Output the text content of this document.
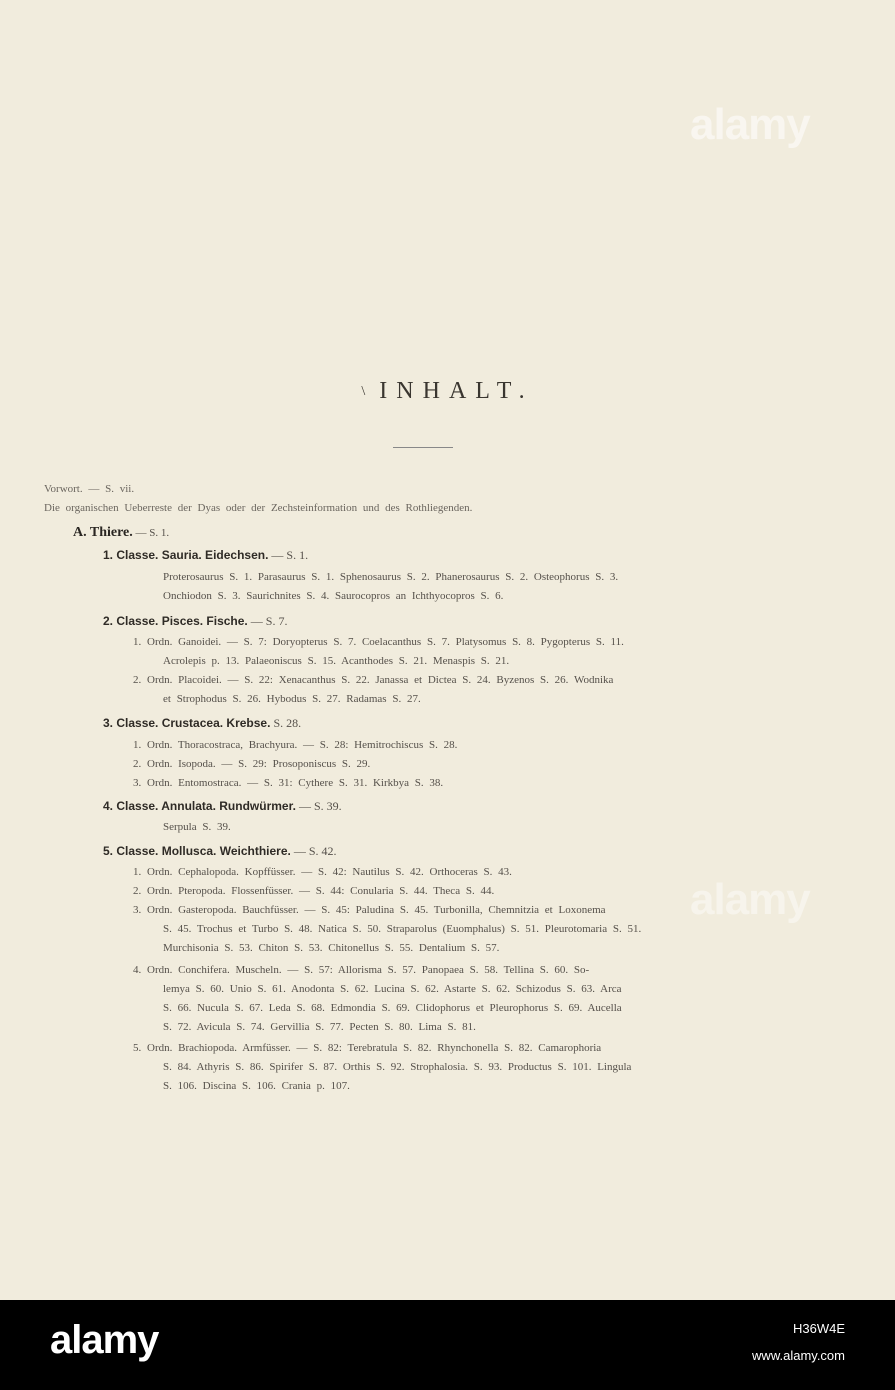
alamy
alamy
\ INHALT.
Vorwort. — S. vii.
Die organischen Ueberreste der Dyas oder der Zechsteinformation und des Rothliegenden.
A. Thiere. — S. 1.
1. Classe. Sauria. Eidechsen. — S. 1.
Proterosaurus S. 1. Parasaurus S. 1. Sphenosaurus S. 2. Phanerosaurus S. 2. Osteophorus S. 3.
Onchiodon S. 3. Saurichnites S. 4. Saurocopros an Ichthyocopros S. 6.
2. Classe. Pisces. Fische. — S. 7.
1. Ordn. Ganoidei. — S. 7: Doryopterus S. 7. Coelacanthus S. 7. Platysomus S. 8. Pygopterus S. 11.
Acrolepis p. 13. Palaeoniscus S. 15. Acanthodes S. 21. Menaspis S. 21.
2. Ordn. Placoidei. — S. 22: Xenacanthus S. 22. Janassa et Dictea S. 24. Byzenos S. 26. Wodnika
et Strophodus S. 26. Hybodus S. 27. Radamas S. 27.
3. Classe. Crustacea. Krebse. S. 28.
1. Ordn. Thoracostraca, Brachyura. — S. 28: Hemitrochiscus S. 28.
2. Ordn. Isopoda. — S. 29: Prosoponiscus S. 29.
3. Ordn. Entomostraca. — S. 31: Cythere S. 31. Kirkbya S. 38.
4. Classe. Annulata. Rundwürmer. — S. 39.
Serpula S. 39.
5. Classe. Mollusca. Weichthiere. — S. 42.
1. Ordn. Cephalopoda. Kopffüsser. — S. 42: Nautilus S. 42. Orthoceras S. 43.
2. Ordn. Pteropoda. Flossenfüsser. — S. 44: Conularia S. 44. Theca S. 44.
3. Ordn. Gasteropoda. Bauchfüsser. — S. 45: Paludina S. 45. Turbonilla, Chemnitzia et Loxonema
S. 45. Trochus et Turbo S. 48. Natica S. 50. Straparolus (Euomphalus) S. 51. Pleurotomaria S. 51.
Murchisonia S. 53. Chiton S. 53. Chitonellus S. 55. Dentalium S. 57.
4. Ordn. Conchifera. Muscheln. — S. 57: Allorisma S. 57. Panopaea S. 58. Tellina S. 60. So-
lemya S. 60. Unio S. 61. Anodonta S. 62. Lucina S. 62. Astarte S. 62. Schizodus S. 63. Arca
S. 66. Nucula S. 67. Leda S. 68. Edmondia S. 69. Clidophorus et Pleurophorus S. 69. Aucella
S. 72. Avicula S. 74. Gervillia S. 77. Pecten S. 80. Lima S. 81.
5. Ordn. Brachiopoda. Armfüsser. — S. 82: Terebratula S. 82. Rhynchonella S. 82. Camarophoria
S. 84. Athyris S. 86. Spirifer S. 87. Orthis S. 92. Strophalosia. S. 93. Productus S. 101. Lingula
S. 106. Discina S. 106. Crania p. 107.
alamy	H36W4E
www.alamy.com
